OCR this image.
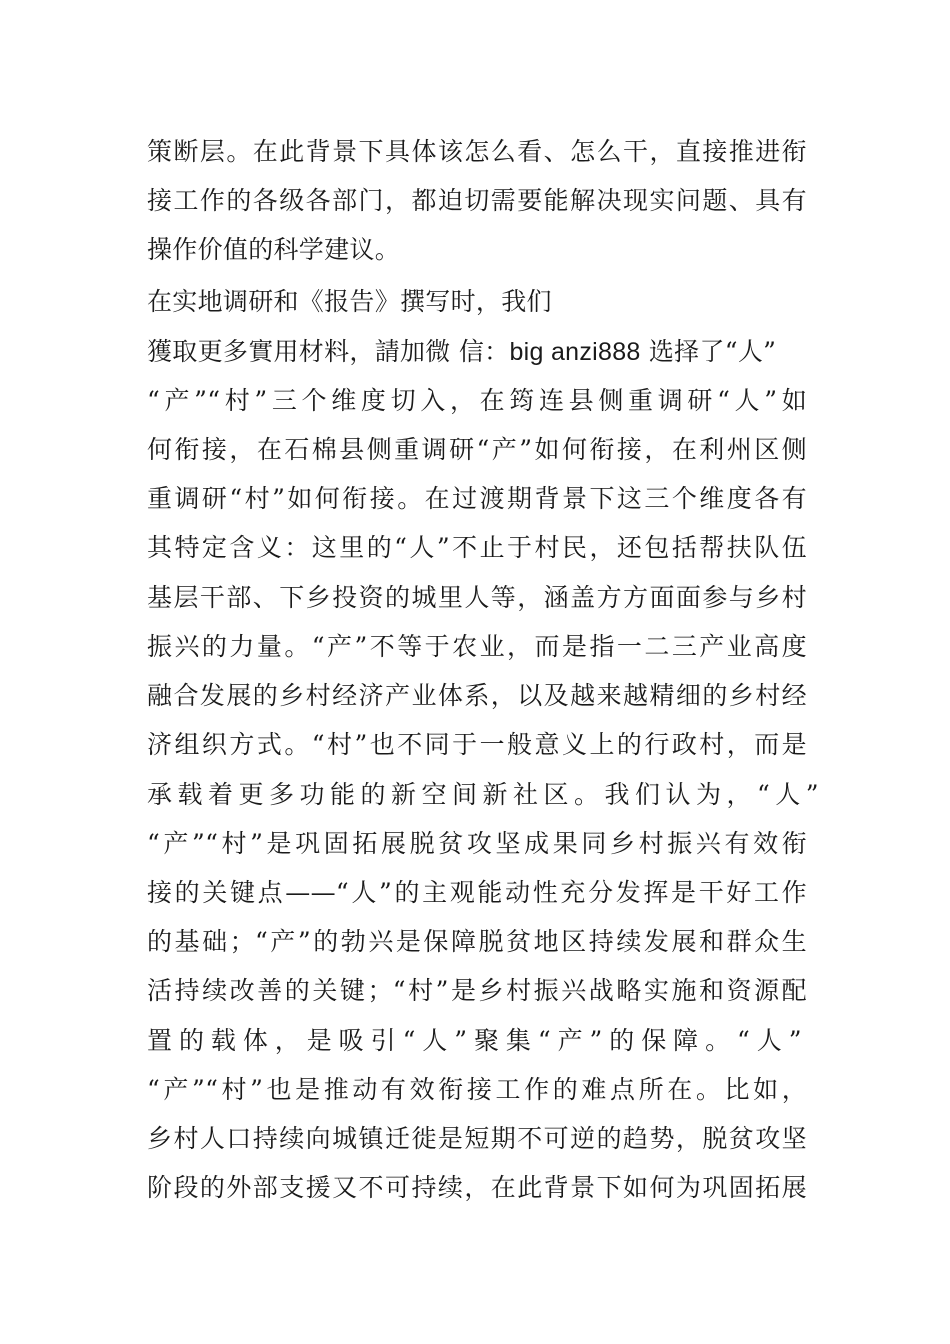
策断层。在此背景下具体该怎么看、怎么干，直接推进衔
接工作的各级各部门，都迫切需要能解决现实问题、具有
操作价值的科学建议。
在实地调研和《报告》撰写时，我们
獲取更多實用材料，請加微 信：big anzi888 选择了“人”
“产”“村”三个维度切入，在筠连县侧重调研“人”如
何衔接，在石棉县侧重调研“产”如何衔接，在利州区侧
重调研“村”如何衔接。在过渡期背景下这三个维度各有
其特定含义：这里的“人”不止于村民，还包括帮扶队伍
基层干部、下乡投资的城里人等，涵盖方方面面参与乡村
振兴的力量。“产”不等于农业，而是指一二三产业高度
融合发展的乡村经济产业体系，以及越来越精细的乡村经
济组织方式。“村”也不同于一般意义上的行政村，而是
承载着更多功能的新空间新社区。我们认为，“人”
“产”“村”是巩固拓展脱贫攻坚成果同乡村振兴有效衔
接的关键点——“人”的主观能动性充分发挥是干好工作
的基础；“产”的勃兴是保障脱贫地区持续发展和群众生
活持续改善的关键；“村”是乡村振兴战略实施和资源配
置的载体，是吸引“人”聚集“产”的保障。“人”
“产”“村”也是推动有效衔接工作的难点所在。比如，
乡村人口持续向城镇迁徙是短期不可逆的趋势，脱贫攻坚
阶段的外部支援又不可持续，在此背景下如何为巩固拓展
